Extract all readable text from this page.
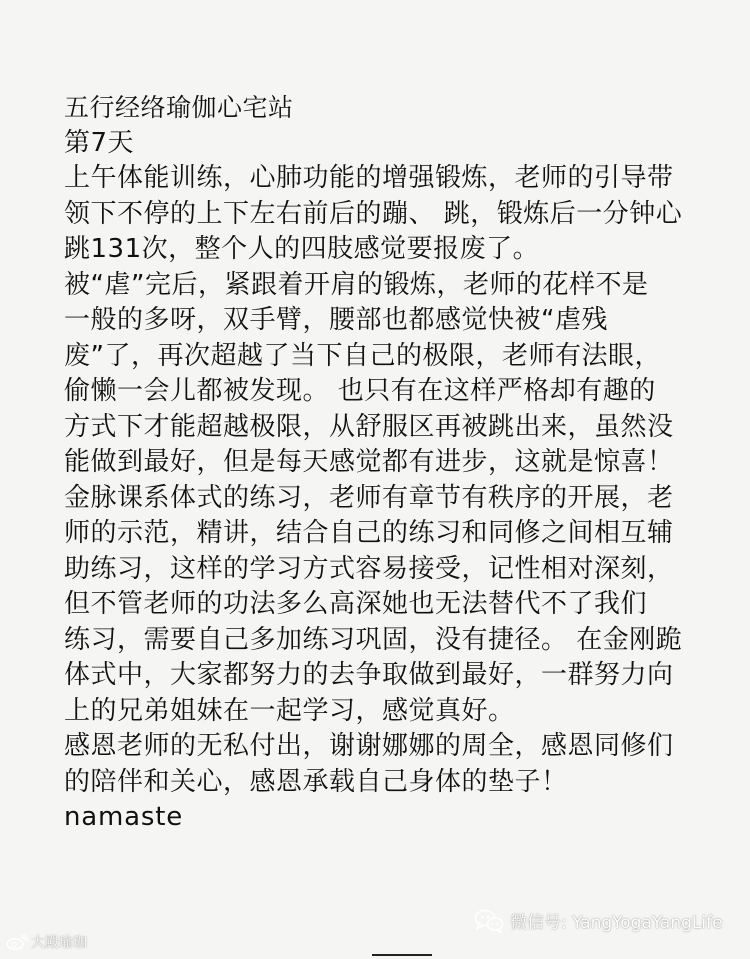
五行经络瑜伽心宅站
第7天
上午体能训练，心肺功能的增强锻炼，老师的引导带
领下不停的上下左右前后的蹦、 跳，锻炼后一分钟心
跳131次，整个人的四肢感觉要报废了。
被“虐”完后，紧跟着开肩的锻炼，老师的花样不是
一般的多呀，双手臂，腰部也都感觉快被“虐残
废”了，再次超越了当下自己的极限，老师有法眼，
偷懒一会儿都被发现。 也只有在这样严格却有趣的
方式下才能超越极限，从舒服区再被跳出来，虽然没
能做到最好，但是每天感觉都有进步，这就是惊喜！
金脉课系体式的练习，老师有章节有秩序的开展，老
师的示范，精讲，结合自己的练习和同修之间相互辅
助练习，这样的学习方式容易接受，记性相对深刻，
但不管老师的功法多么高深她也无法替代不了我们
练习，需要自己多加练习巩固，没有捷径。 在金刚跪
体式中，大家都努力的去争取做到最好，一群努力向
上的兄弟姐妹在一起学习，感觉真好。
感恩老师的无私付出，谢谢娜娜的周全，感恩同修们
的陪伴和关心，感恩承载自己身体的垫子！
namaste
大殿瑜珈
微信号: YangYogaYangLife
